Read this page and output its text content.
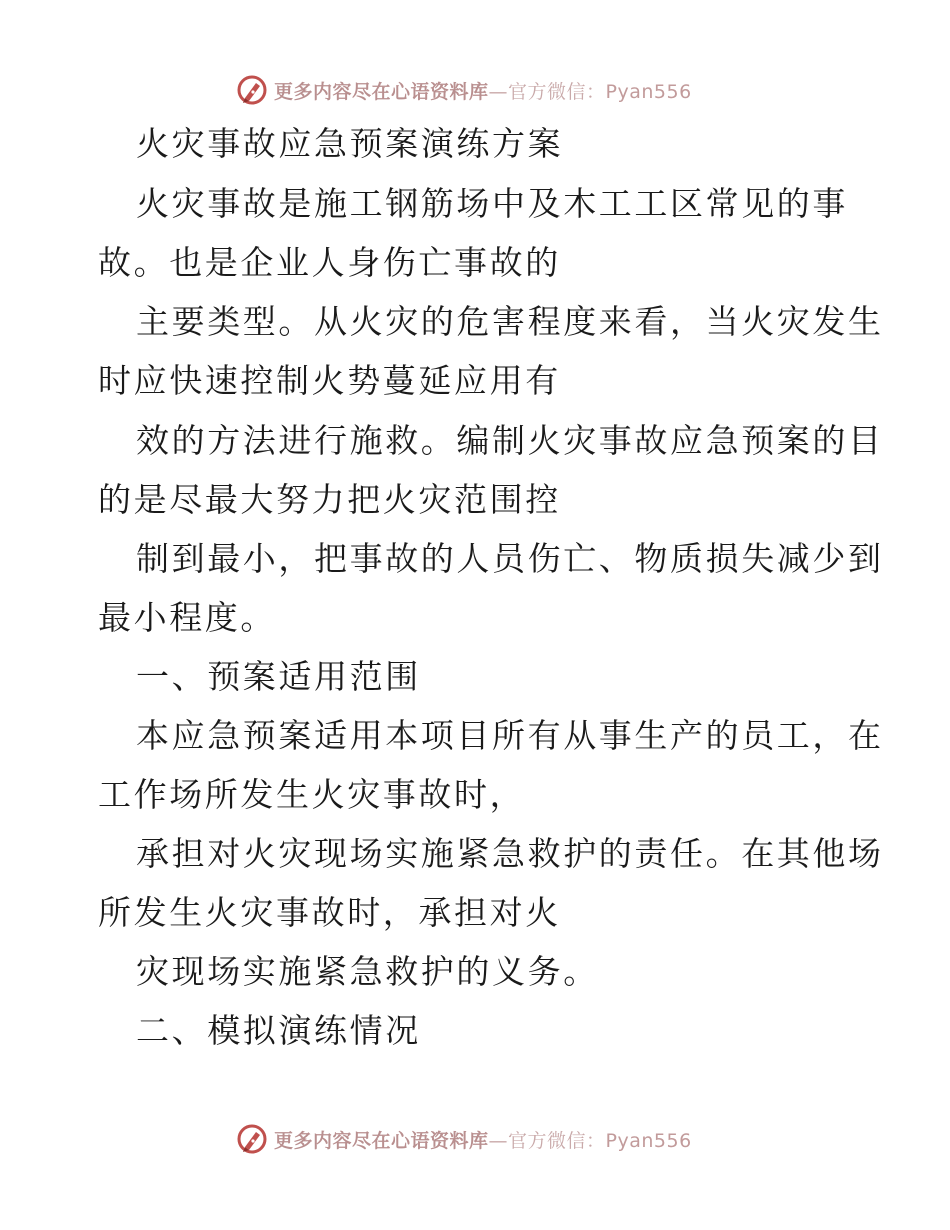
更多内容尽在心语资料库—官方微信：Pyan556
火灾事故应急预案演练方案
火灾事故是施工钢筋场中及木工工区常见的事
故。也是企业人身伤亡事故的
主要类型。从火灾的危害程度来看，当火灾发生
时应快速控制火势蔓延应用有
效的方法进行施救。编制火灾事故应急预案的目
的是尽最大努力把火灾范围控
制到最小，把事故的人员伤亡、物质损失减少到
最小程度。
一、预案适用范围
本应急预案适用本项目所有从事生产的员工，在
工作场所发生火灾事故时，
承担对火灾现场实施紧急救护的责任。在其他场
所发生火灾事故时，承担对火
灾现场实施紧急救护的义务。
二、模拟演练情况
更多内容尽在心语资料库—官方微信：Pyan556
